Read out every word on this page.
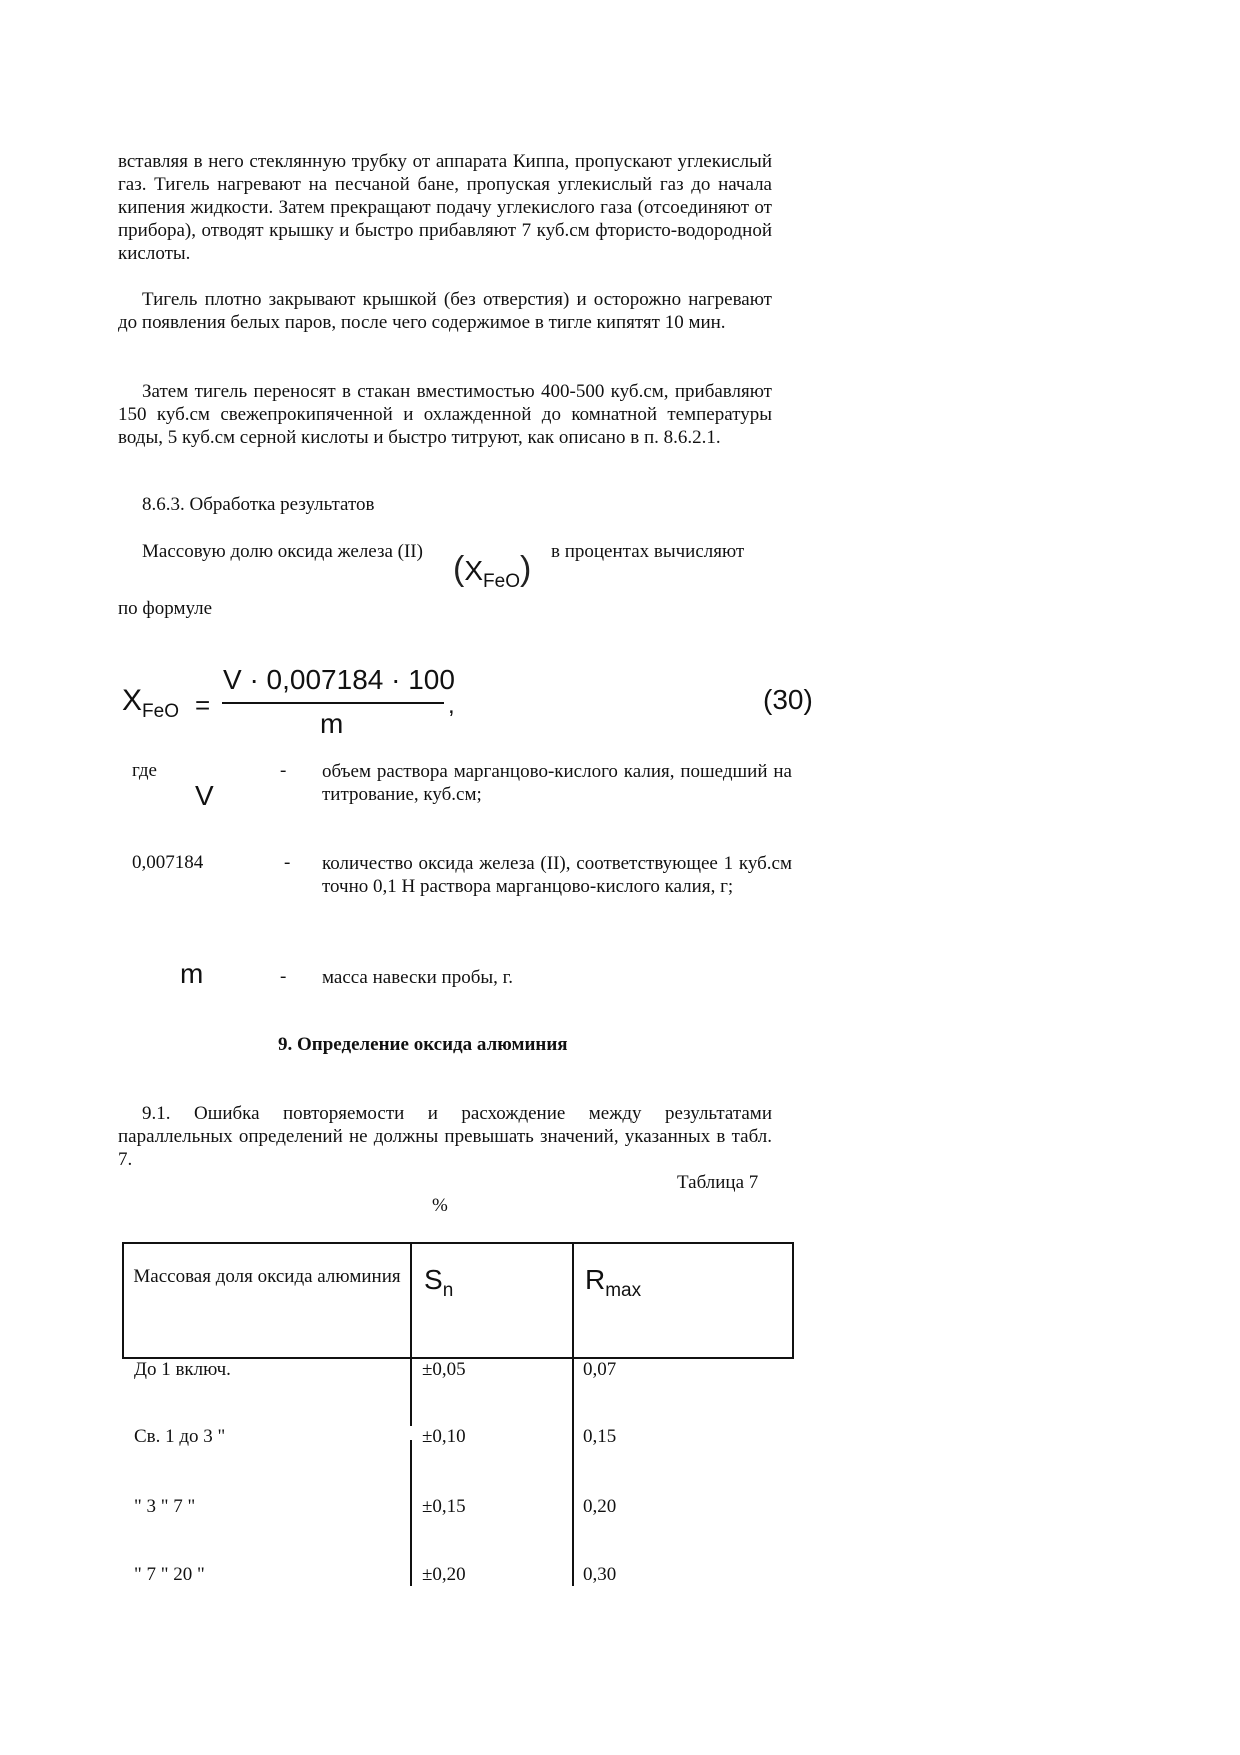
вставляя в него стеклянную трубку от аппарата Киппа, пропускают углекислый газ. Тигель нагревают на песчаной бане, пропуская углекислый газ до начала кипения жидкости. Затем прекращают подачу углекислого газа (отсоединяют от прибора), отводят крышку и быстро прибавляют 7 куб.см фтористо-водородной кислоты.

Тигель плотно закрывают крышкой (без отверстия) и осторожно нагревают до появления белых паров, после чего содержимое в тигле кипятят 10 мин.

Затем тигель переносят в стакан вместимостью 400-500 куб.см, прибавляют 150 куб.см свежепрокипяченной и охлажденной до комнатной температуры воды, 5 куб.см серной кислоты и быстро титруют, как описано в п. 8.6.2.1.

8.6.3. Обработка результатов
Массовую долю оксида железа (II) $(X_{FeO})$ в процентах вычисляют
по формуле
$X_{FeO}$ =
V · 0,007184 · 100
m
,	(30)
где
V
- объем раствора марганцово-кислого калия, пошедший на титрование, куб.см;
0,007184	- количество оксида железа (II), соответствующее 1 куб.см точно 0,1 Н раствора марганцово-кислого калия, г;
m	- масса навески пробы, г.
9. Определение оксида алюминия

9.1. Ошибка повторяемости и расхождение между результатами параллельных определений не должны превышать значений, указанных в табл. 7.

Таблица 7
%
Массовая доля оксида алюминия $S_n$	$R_{max}$
До 1 включ.	±0,05	0,07
Св. 1 до 3 "	±0,10	0,15
" 3 " 7 "	±0,15	0,20
" 7 " 20 "	±0,20	0,30
